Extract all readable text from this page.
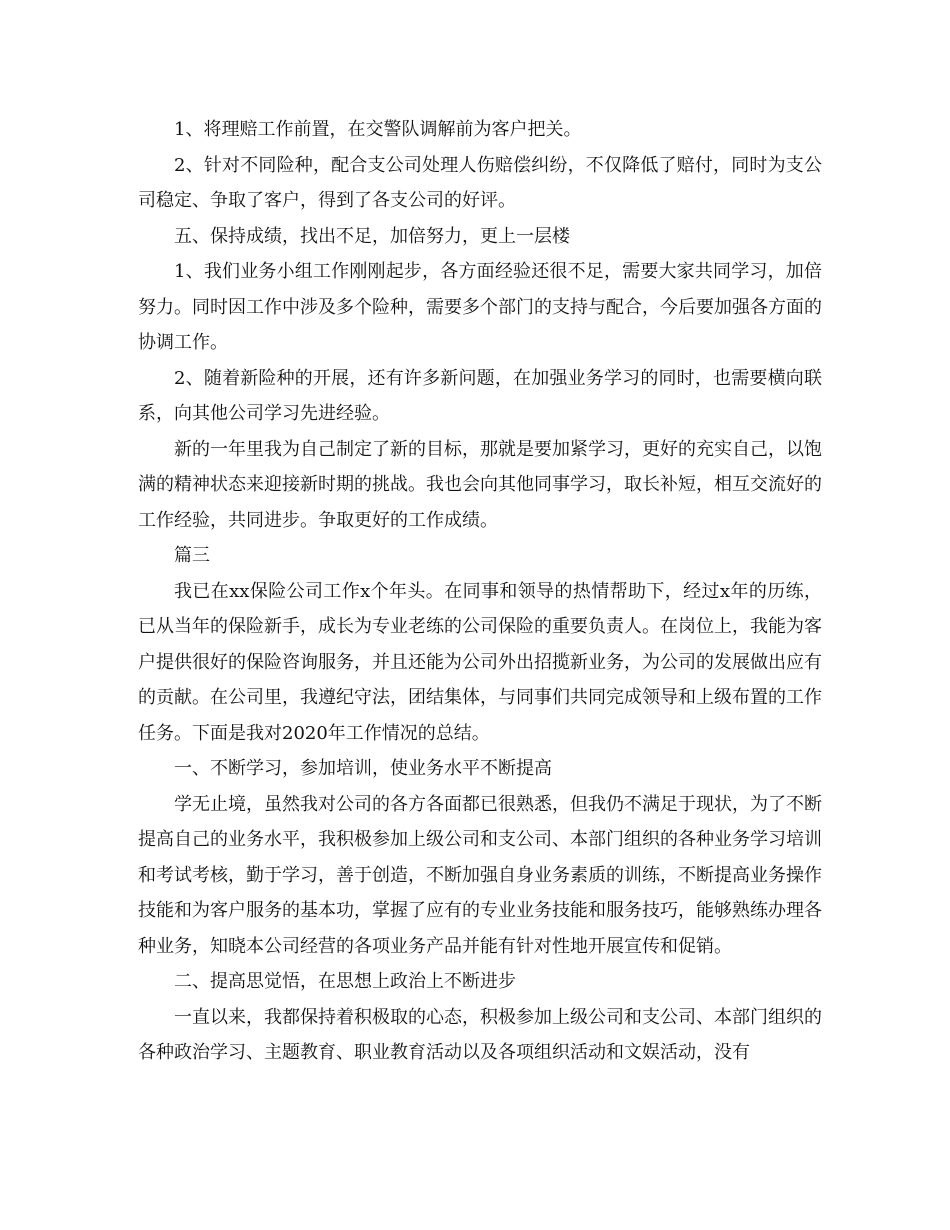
1、将理赔工作前置，在交警队调解前为客户把关。

2、针对不同险种，配合支公司处理人伤赔偿纠纷，不仅降低了赔付，同时为支公司稳定、争取了客户，得到了各支公司的好评。

五、保持成绩，找出不足，加倍努力，更上一层楼

1、我们业务小组工作刚刚起步，各方面经验还很不足，需要大家共同学习，加倍努力。同时因工作中涉及多个险种，需要多个部门的支持与配合，今后要加强各方面的协调工作。

2、随着新险种的开展，还有许多新问题，在加强业务学习的同时，也需要横向联系，向其他公司学习先进经验。

新的一年里我为自己制定了新的目标，那就是要加紧学习，更好的充实自己，以饱满的精神状态来迎接新时期的挑战。我也会向其他同事学习，取长补短，相互交流好的工作经验，共同进步。争取更好的工作成绩。

篇三

我已在xx保险公司工作x个年头。在同事和领导的热情帮助下，经过x年的历练，已从当年的保险新手，成长为专业老练的公司保险的重要负责人。在岗位上，我能为客户提供很好的保险咨询服务，并且还能为公司外出招揽新业务，为公司的发展做出应有的贡献。在公司里，我遵纪守法，团结集体，与同事们共同完成领导和上级布置的工作任务。下面是我对2020年工作情况的总结。

一、不断学习，参加培训，使业务水平不断提高

学无止境，虽然我对公司的各方各面都已很熟悉，但我仍不满足于现状，为了不断提高自己的业务水平，我积极参加上级公司和支公司、本部门组织的各种业务学习培训和考试考核，勤于学习，善于创造，不断加强自身业务素质的训练，不断提高业务操作技能和为客户服务的基本功，掌握了应有的专业业务技能和服务技巧，能够熟练办理各种业务，知晓本公司经营的各项业务产品并能有针对性地开展宣传和促销。

二、提高思觉悟，在思想上政治上不断进步

一直以来，我都保持着积极取的心态，积极参加上级公司和支公司、本部门组织的各种政治学习、主题教育、职业教育活动以及各项组织活动和文娱活动，没有
